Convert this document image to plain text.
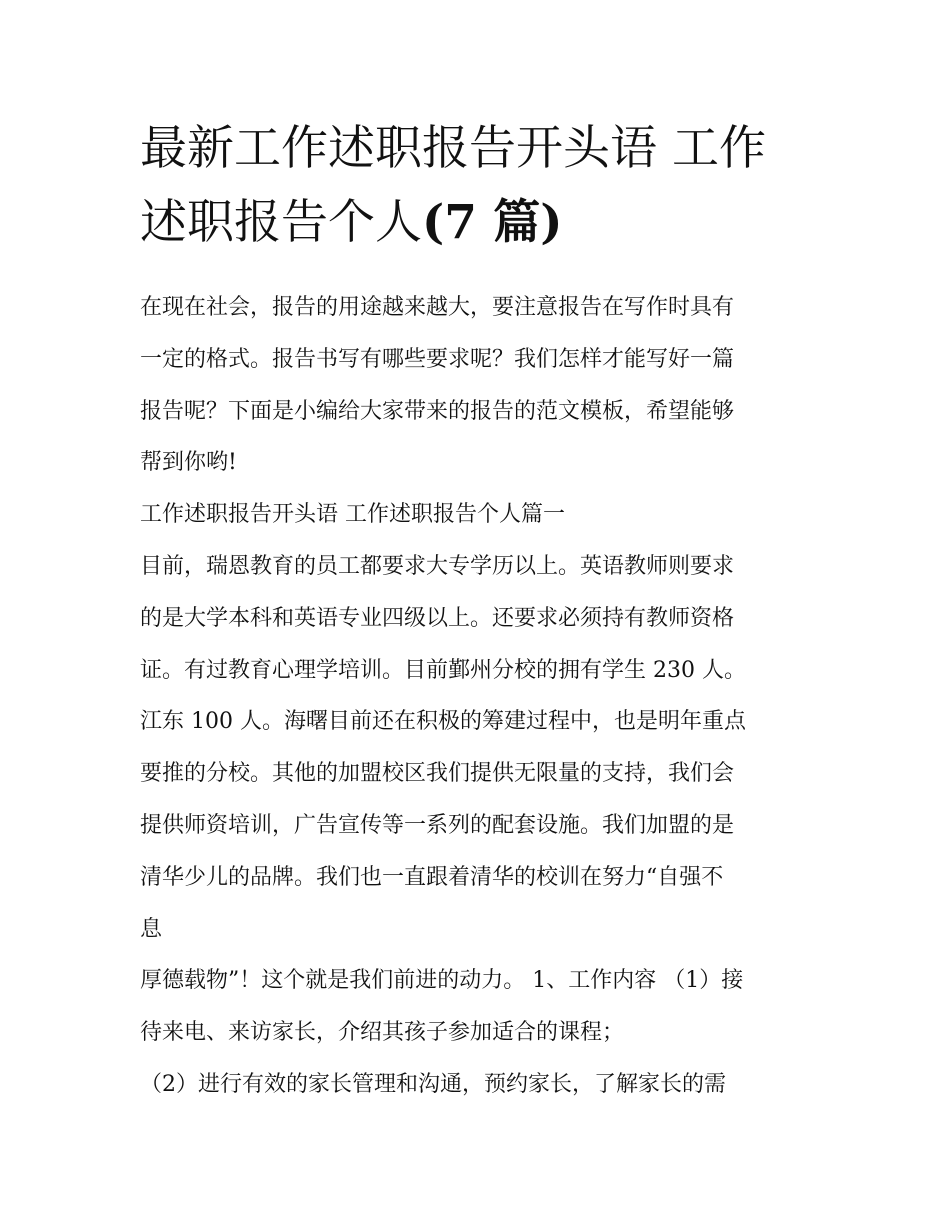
最新工作述职报告开头语 工作
述职报告个人(7 篇)
在现在社会，报告的用途越来越大，要注意报告在写作时具有
一定的格式。报告书写有哪些要求呢？我们怎样才能写好一篇
报告呢？下面是小编给大家带来的报告的范文模板，希望能够
帮到你哟!
工作述职报告开头语 工作述职报告个人篇一
目前，瑞恩教育的员工都要求大专学历以上。英语教师则要求
的是大学本科和英语专业四级以上。还要求必须持有教师资格
证。有过教育心理学培训。目前鄞州分校的拥有学生 230 人。
江东 100 人。海曙目前还在积极的筹建过程中，也是明年重点
要推的分校。其他的加盟校区我们提供无限量的支持，我们会
提供师资培训，广告宣传等一系列的配套设施。我们加盟的是
清华少儿的品牌。我们也一直跟着清华的校训在努力“自强不
息
厚德载物”！这个就是我们前进的动力。 1、工作内容 （1）接
待来电、来访家长，介绍其孩子参加适合的课程；
（2）进行有效的家长管理和沟通，预约家长，了解家长的需
